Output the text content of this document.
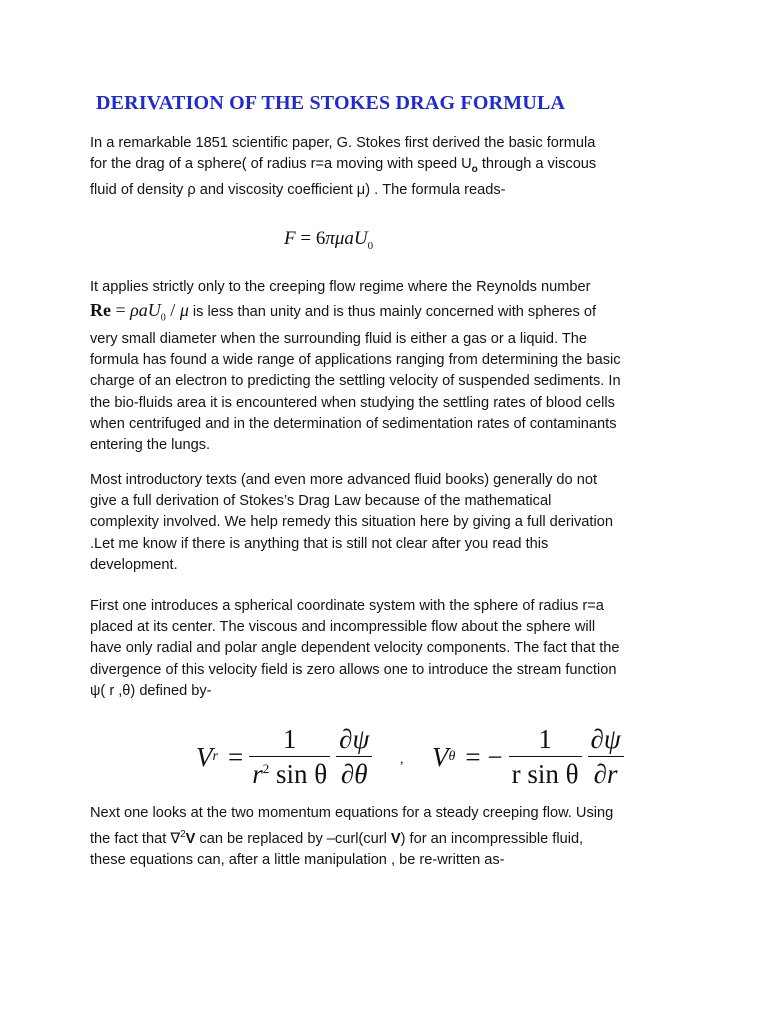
DERIVATION OF THE STOKES DRAG FORMULA

In a remarkable 1851 scientific paper, G. Stokes first derived the basic formula
for the drag of a sphere( of radius r=a moving with speed $U_o$ through a viscous
fluid of density ρ and viscosity coefficient μ) . The formula reads-

F = 6πμaU$_0$

It applies strictly only to the creeping flow regime where the Reynolds number
Re = ρaU$_0$ / μ is less than unity and is thus mainly concerned with spheres of
very small diameter when the surrounding fluid is either a gas or a liquid. The
formula has found a wide range of applications ranging from determining the basic
charge of an electron to predicting the settling velocity of suspended sediments. In
the bio-fluids area it is encountered when studying the settling rates of blood cells
when centrifuged and in the determination of sedimentation rates of contaminants
entering the lungs.

Most introductory texts (and even more advanced fluid books) generally do not
give a full derivation of Stokes’s Drag Law because of the mathematical
complexity involved. We help remedy this situation here by giving a full derivation
.Let me know if there is anything that is still not clear after you read this
development.

First one introduces a spherical coordinate system with the sphere of radius r=a
placed at its center. The viscous and incompressible flow about the sphere will
have only radial and polar angle dependent velocity components. The fact that the
divergence of this velocity field is zero allows one to introduce the stream function
ψ( r ,θ) defined by-

V $r = \frac{1}{r^2 \sin \theta} \frac{\partial\psi}{\partial\theta}$ , V θ = − $\frac{1}{\text{r sin θ}} \frac{\partial\psi}{\partial r}$

Next one looks at the two momentum equations for a steady creeping flow. Using
the fact that ∇$^2$V can be replaced by –curl(curl V) for an incompressible fluid,
these equations can, after a little manipulation , be re-written as-
